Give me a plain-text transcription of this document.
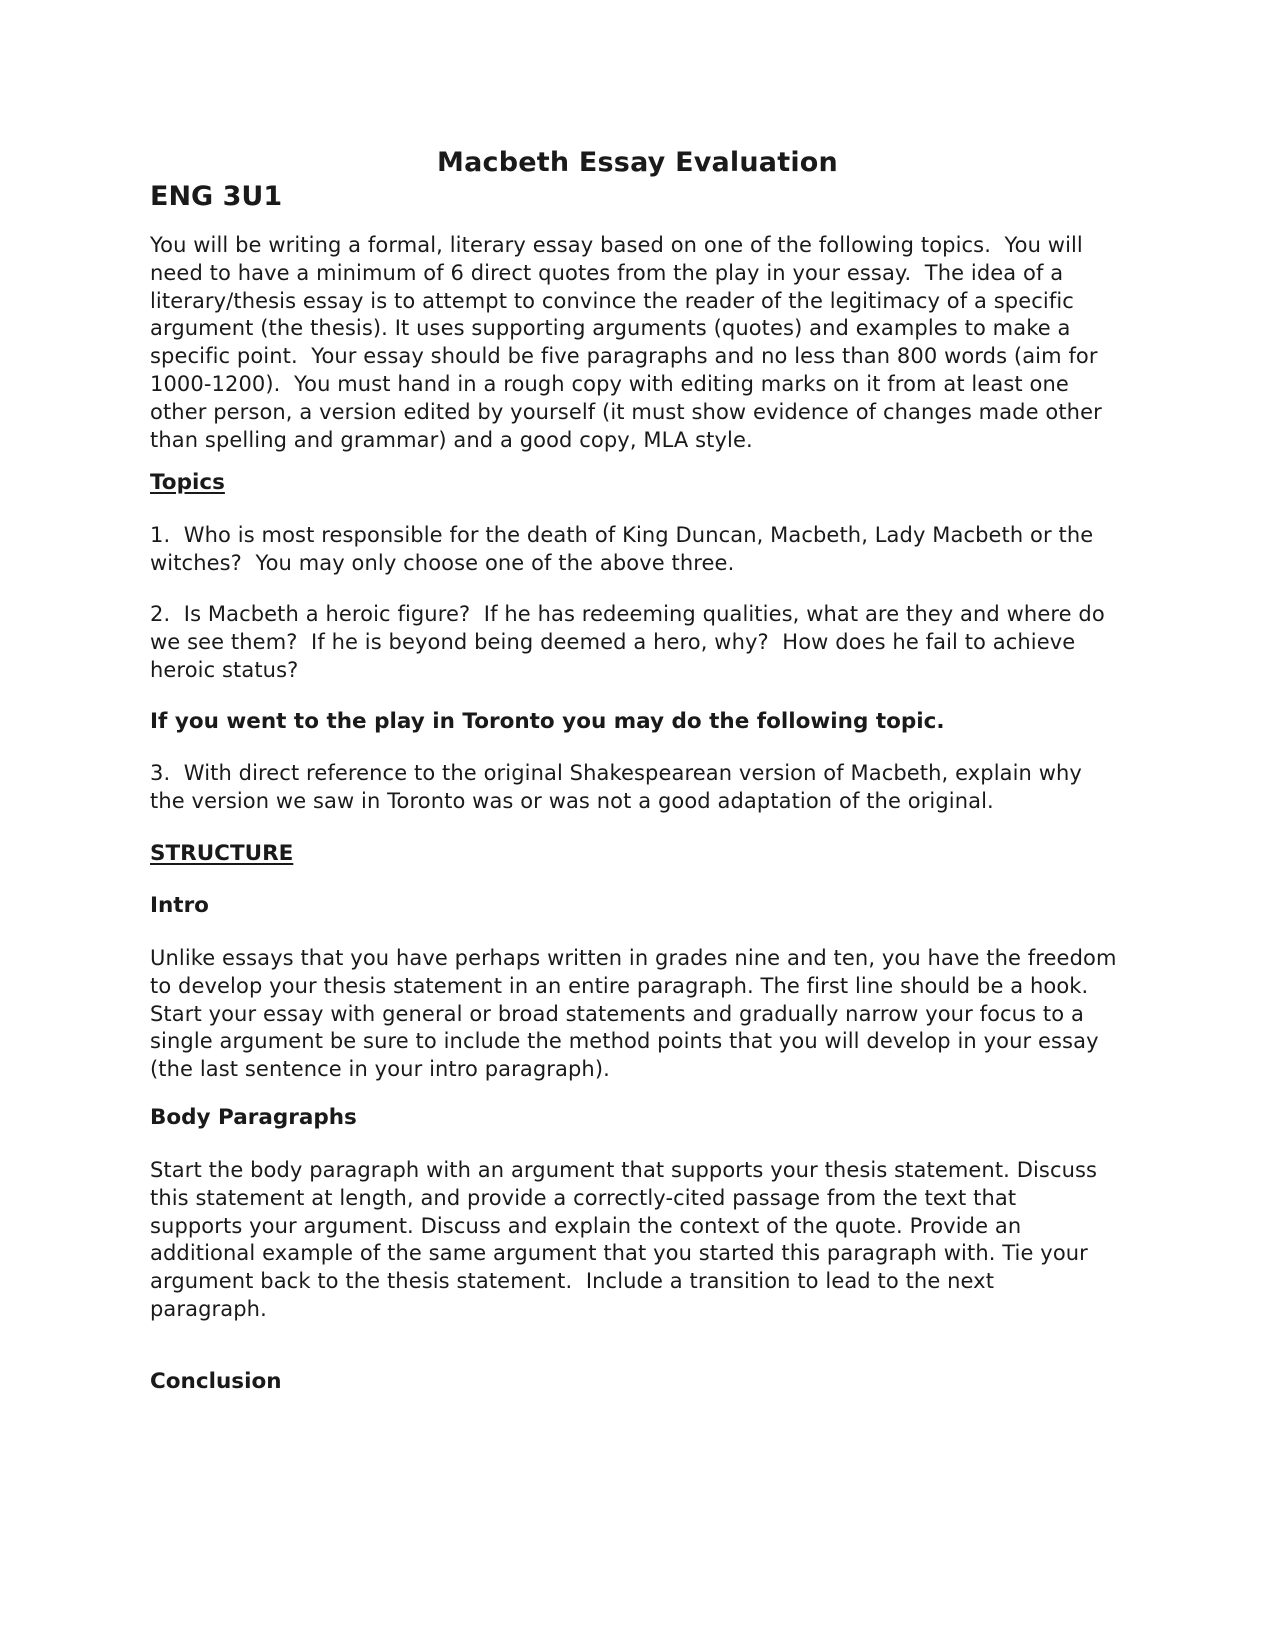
Macbeth Essay Evaluation
ENG 3U1
You will be writing a formal, literary essay based on one of the following topics.  You will
need to have a minimum of 6 direct quotes from the play in your essay.  The idea of a
literary/thesis essay is to attempt to convince the reader of the legitimacy of a specific
argument (the thesis). It uses supporting arguments (quotes) and examples to make a
specific point.  Your essay should be five paragraphs and no less than 800 words (aim for
1000-1200).  You must hand in a rough copy with editing marks on it from at least one
other person, a version edited by yourself (it must show evidence of changes made other
than spelling and grammar) and a good copy, MLA style.
Topics
1.  Who is most responsible for the death of King Duncan, Macbeth, Lady Macbeth or the
witches?  You may only choose one of the above three.
2.  Is Macbeth a heroic figure?  If he has redeeming qualities, what are they and where do
we see them?  If he is beyond being deemed a hero, why?  How does he fail to achieve
heroic status?
If you went to the play in Toronto you may do the following topic.
3.  With direct reference to the original Shakespearean version of Macbeth, explain why
the version we saw in Toronto was or was not a good adaptation of the original.
STRUCTURE
Intro
Unlike essays that you have perhaps written in grades nine and ten, you have the freedom
to develop your thesis statement in an entire paragraph. The first line should be a hook.
Start your essay with general or broad statements and gradually narrow your focus to a
single argument be sure to include the method points that you will develop in your essay
(the last sentence in your intro paragraph).
Body Paragraphs
Start the body paragraph with an argument that supports your thesis statement. Discuss
this statement at length, and provide a correctly-cited passage from the text that
supports your argument. Discuss and explain the context of the quote. Provide an
additional example of the same argument that you started this paragraph with. Tie your
argument back to the thesis statement.  Include a transition to lead to the next
paragraph.
Conclusion
